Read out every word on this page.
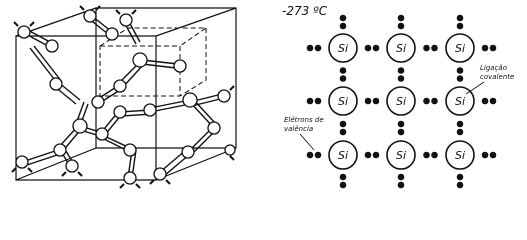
-273 ºC
Si	Si	Si
Si	Si	Si
Si	Si	Si
Ligação
covalente
Elétrons de
valência
